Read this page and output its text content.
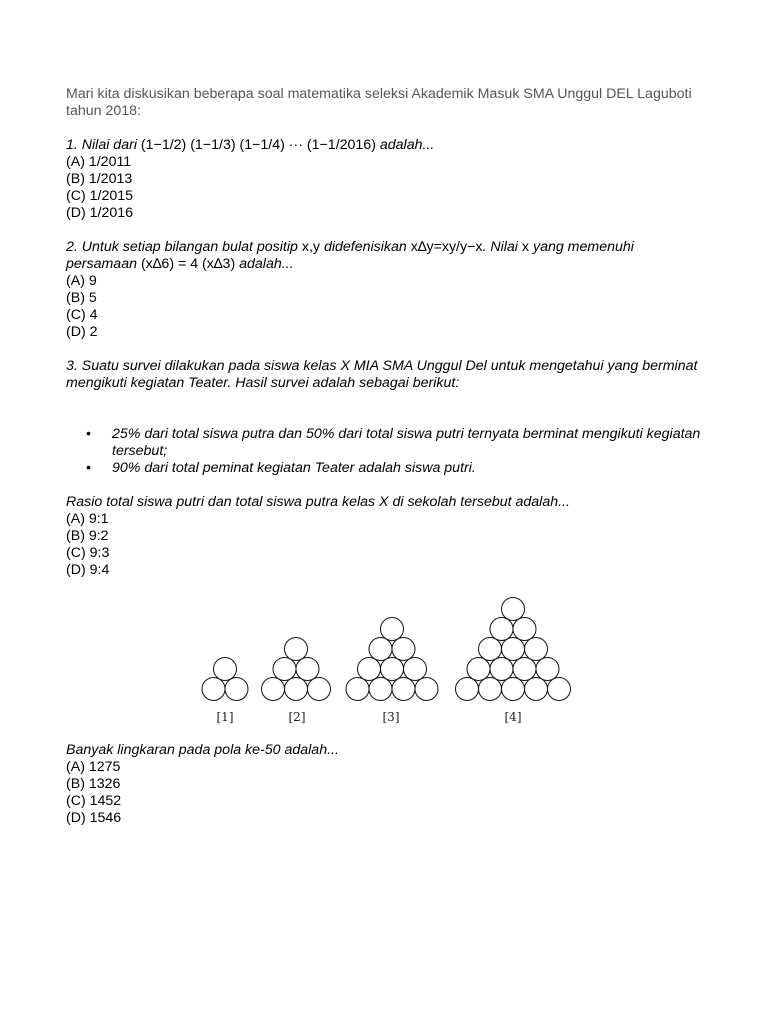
Mari kita diskusikan beberapa soal matematika seleksi Akademik Masuk SMA Unggul DEL Laguboti tahun 2018:
1. Nilai dari (1−1/2) (1−1/3) (1−1/4) ··· (1−1/2016) adalah...
(A) 1/2011
(B) 1/2013
(C) 1/2015
(D) 1/2016
2. Untuk setiap bilangan bulat positip x,y didefenisikan x∆y=xy/y−x. Nilai x yang memenuhi persamaan (x∆6) = 4 (x∆3) adalah...
(A) 9
(B) 5
(C) 4
(D) 2
3. Suatu survei dilakukan pada siswa kelas X MIA SMA Unggul Del untuk mengetahui yang berminat mengikuti kegiatan Teater. Hasil survei adalah sebagai berikut:
• 25% dari total siswa putra dan 50% dari total siswa putri ternyata berminat mengikuti kegiatan tersebut;
• 90% dari total peminat kegiatan Teater adalah siswa putri.
Rasio total siswa putri dan total siswa putra kelas X di sekolah tersebut adalah...
(A) 9:1
(B) 9:2
(C) 9:3
(D) 9:4
[1]	[2]	[3]	[4]
Banyak lingkaran pada pola ke-50 adalah...
(A) 1275
(B) 1326
(C) 1452
(D) 1546
